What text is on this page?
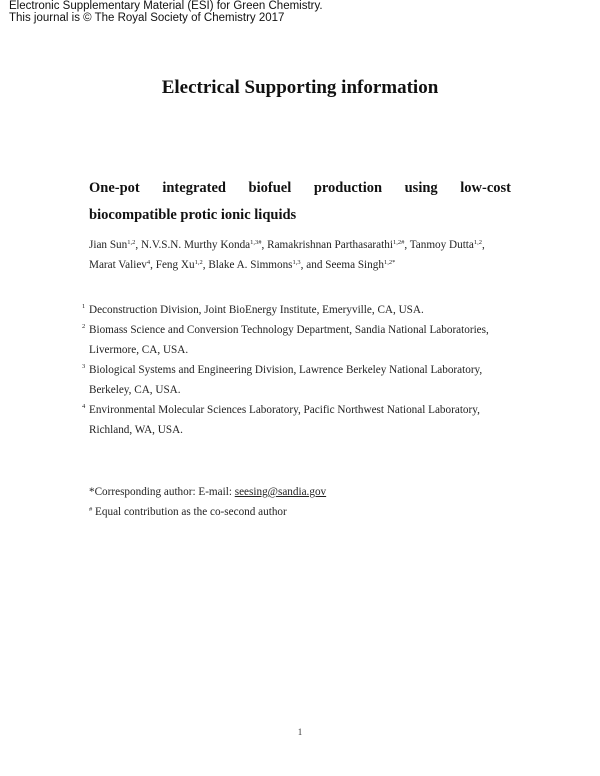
Electronic Supplementary Material (ESI) for Green Chemistry.
This journal is © The Royal Society of Chemistry 2017
Electrical Supporting information
One-pot integrated biofuel production using low-cost
biocompatible protic ionic liquids
Jian Sun$^{1,2}$, N.V.S.N. Murthy Konda$^{1,3\#}$, Ramakrishnan Parthasarathi$^{1,2\#}$, Tanmoy Dutta$^{1,2}$,
Marat Valiev$^4$, Feng Xu$^{1,2}$, Blake A. Simmons$^{1,3}$, and Seema Singh$^{1,2*}$
1 Deconstruction Division, Joint BioEnergy Institute, Emeryville, CA, USA.
2 Biomass Science and Conversion Technology Department, Sandia National Laboratories,
Livermore, CA, USA.
3 Biological Systems and Engineering Division, Lawrence Berkeley National Laboratory,
Berkeley, CA, USA.
4 Environmental Molecular Sciences Laboratory, Pacific Northwest National Laboratory,
Richland, WA, USA.
*Corresponding author: E-mail: seesing@sandia.gov
# Equal contribution as the co-second author
1
